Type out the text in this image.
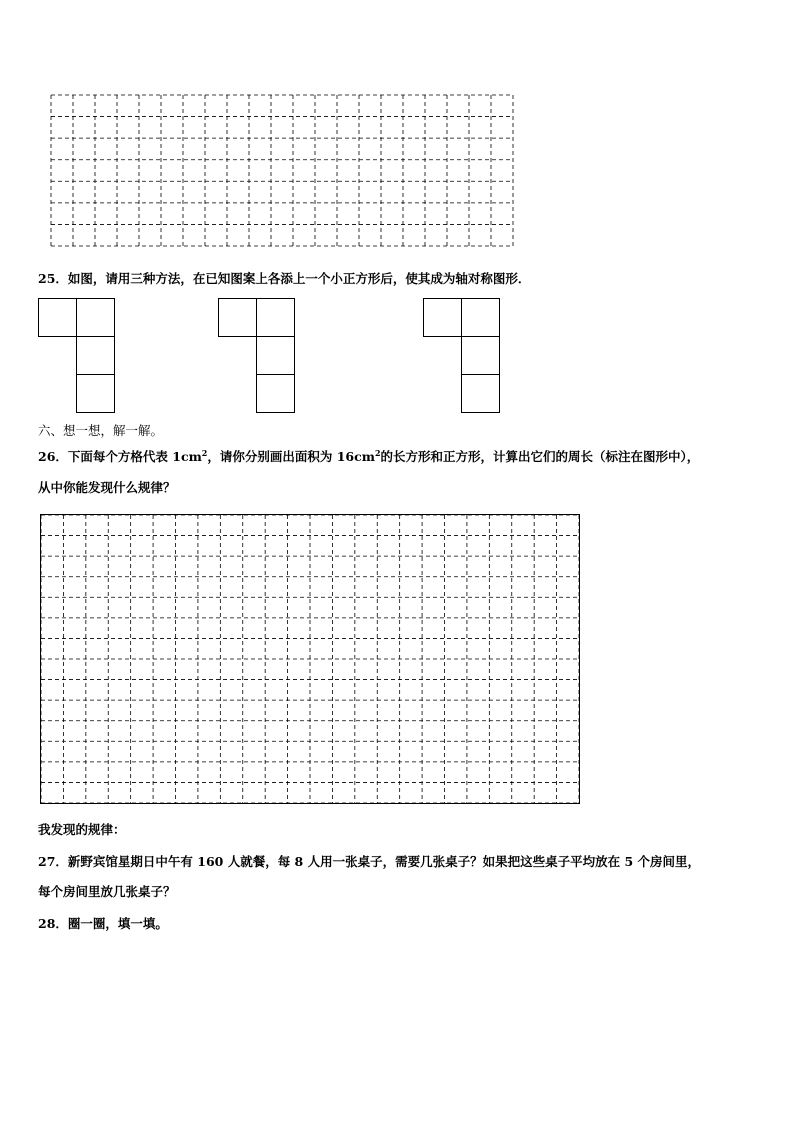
25．如图，请用三种方法，在已知图案上各添上一个小正方形后，使其成为轴对称图形．
六、想一想，解一解。
26．下面每个方格代表 $1cm^2$，请你分别画出面积为 $16cm^2$的长方形和正方形，计算出它们的周长（标注在图形中），
从中你能发现什么规律？
我发现的规律：
27．新野宾馆星期日中午有 160 人就餐，每 8 人用一张桌子，需要几张桌子？如果把这些桌子平均放在 5 个房间里，
每个房间里放几张桌子？
28．圈一圈，填一填。
